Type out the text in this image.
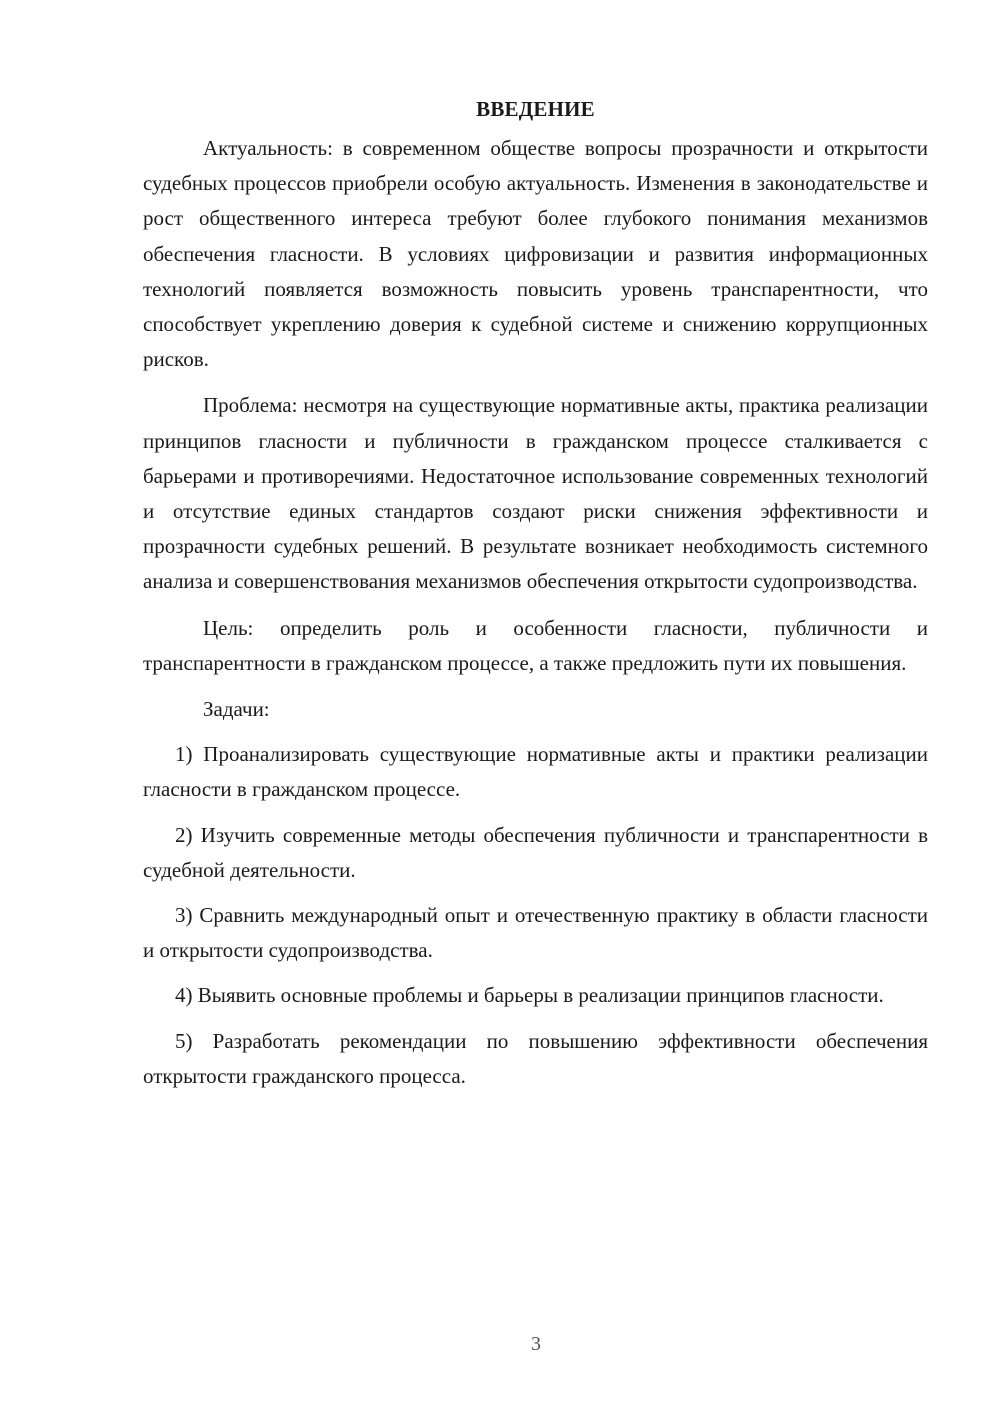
ВВЕДЕНИЕ

Актуальность: в современном обществе вопросы прозрачности и открытости судебных процессов приобрели особую актуальность. Изменения в законодательстве и рост общественного интереса требуют более глубокого понимания механизмов обеспечения гласности. В условиях цифровизации и развития информационных технологий появляется возможность повысить уровень транспарентности, что способствует укреплению доверия к судебной системе и снижению коррупционных рисков.

Проблема: несмотря на существующие нормативные акты, практика реализации принципов гласности и публичности в гражданском процессе сталкивается с барьерами и противоречиями. Недостаточное использование современных технологий и отсутствие единых стандартов создают риски снижения эффективности и прозрачности судебных решений. В результате возникает необходимость системного анализа и совершенствования механизмов обеспечения открытости судопроизводства.

Цель: определить роль и особенности гласности, публичности и транспарентности в гражданском процессе, а также предложить пути их повышения.

Задачи:

1) Проанализировать существующие нормативные акты и практики реализации гласности в гражданском процессе.

2) Изучить современные методы обеспечения публичности и транспарентности в судебной деятельности.

3) Сравнить международный опыт и отечественную практику в области гласности и открытости судопроизводства.

4) Выявить основные проблемы и барьеры в реализации принципов гласности.

5) Разработать рекомендации по повышению эффективности обеспечения открытости гражданского процесса.

3
